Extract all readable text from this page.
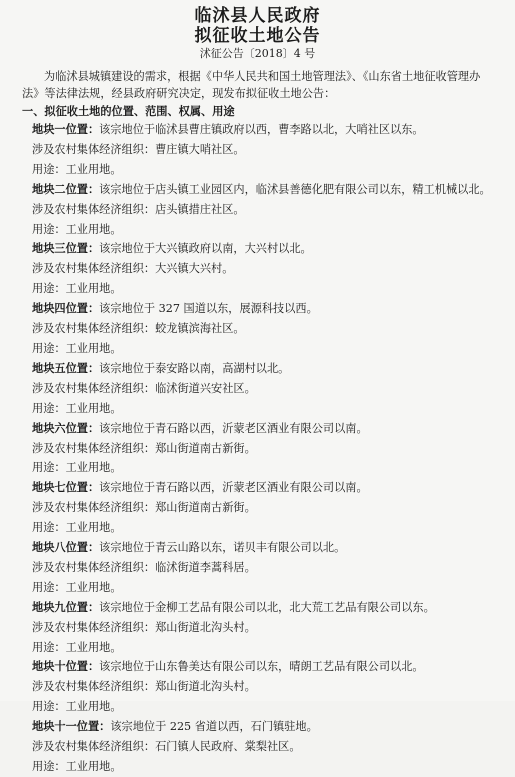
临沭县人民政府
拟征收土地公告
沭征公告〔2018〕4 号

为临沭县城镇建设的需求，根据《中华人民共和国土地管理法》、《山东省土地征收管理办法》等法律法规，经县政府研究决定，现发布拟征收土地公告：

一、拟征收土地的位置、范围、权属、用途

地块一位置：该宗地位于临沭县曹庄镇政府以西，曹李路以北，大哨社区以东。

涉及农村集体经济组织：曹庄镇大哨社区。

用途：工业用地。

地块二位置：该宗地位于店头镇工业园区内，临沭县善德化肥有限公司以东，精工机械以北。

涉及农村集体经济组织：店头镇措庄社区。

用途：工业用地。

地块三位置：该宗地位于大兴镇政府以南，大兴村以北。

涉及农村集体经济组织：大兴镇大兴村。

用途：工业用地。

地块四位置：该宗地位于 327 国道以东，展源科技以西。

涉及农村集体经济组织：蛟龙镇滨海社区。

用途：工业用地。

地块五位置：该宗地位于泰安路以南，高湖村以北。

涉及农村集体经济组织：临沭街道兴安社区。

用途：工业用地。

地块六位置：该宗地位于青石路以西，沂蒙老区酒业有限公司以南。

涉及农村集体经济组织：郑山街道南古新街。

用途：工业用地。

地块七位置：该宗地位于青石路以西，沂蒙老区酒业有限公司以南。

涉及农村集体经济组织：郑山街道南古新街。

用途：工业用地。

地块八位置：该宗地位于青云山路以东，诺贝丰有限公司以北。

涉及农村集体经济组织：临沭街道李蒿科居。

用途：工业用地。

地块九位置：该宗地位于金柳工艺品有限公司以北，北大荒工艺品有限公司以东。

涉及农村集体经济组织：郑山街道北沟头村。

用途：工业用地。

地块十位置：该宗地位于山东鲁美达有限公司以东，晴朗工艺品有限公司以北。

涉及农村集体经济组织：郑山街道北沟头村。

用途：工业用地。

地块十一位置：该宗地位于 225 省道以西，石门镇驻地。

涉及农村集体经济组织：石门镇人民政府、棠梨社区。

用途：工业用地。
